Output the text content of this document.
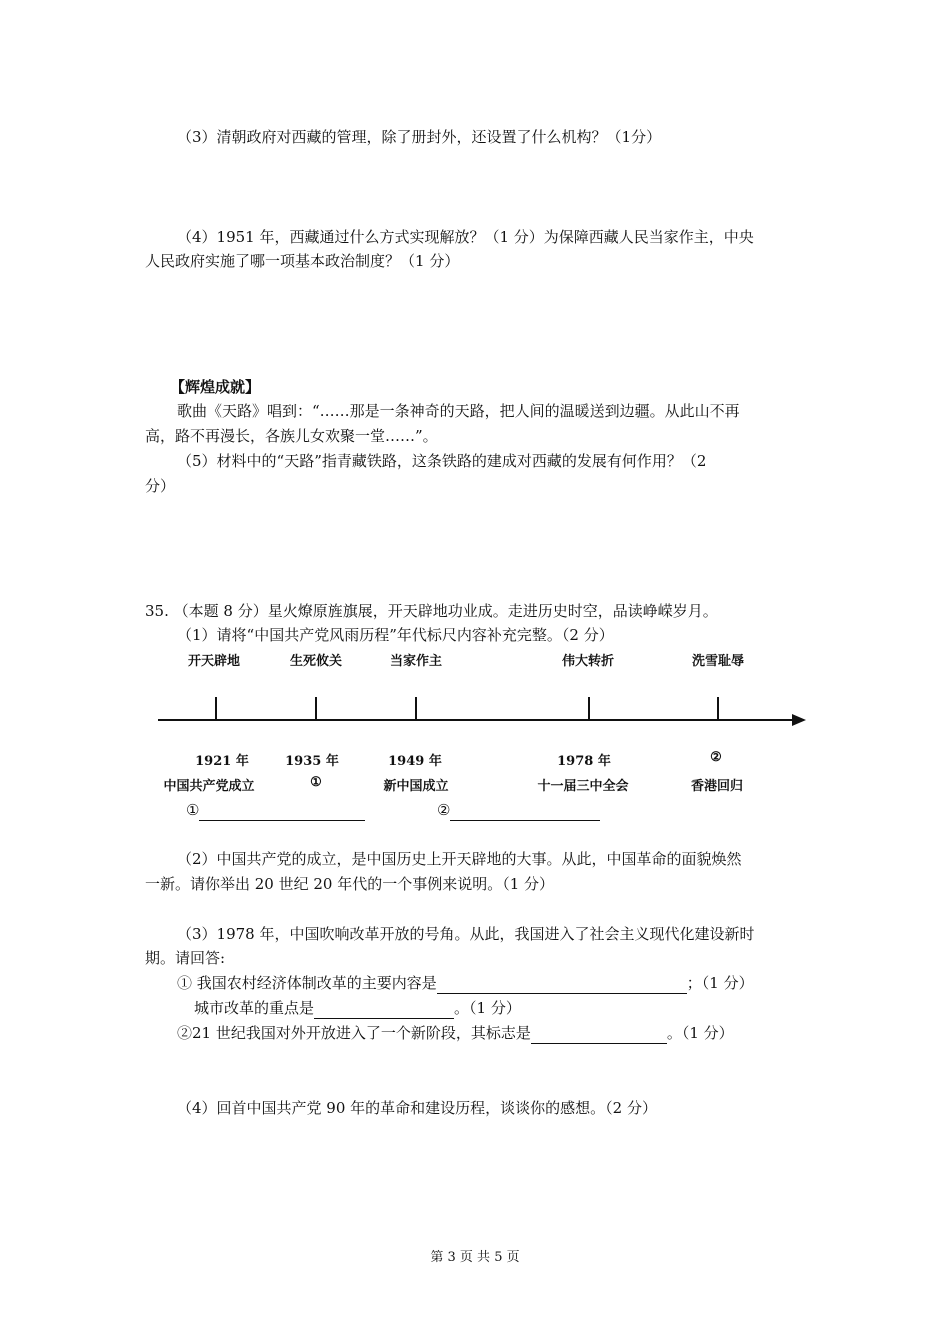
（3）清朝政府对西藏的管理，除了册封外，还设置了什么机构？（1分）
（4）1951 年，西藏通过什么方式实现解放？（1 分）为保障西藏人民当家作主，中央
人民政府实施了哪一项基本政治制度？（1 分）
【辉煌成就】
歌曲《天路》唱到：“……那是一条神奇的天路，把人间的温暖送到边疆。从此山不再
高，路不再漫长，各族儿女欢聚一堂……”。
（5）材料中的“天路”指青藏铁路，这条铁路的建成对西藏的发展有何作用？（2
分）
35. （本题 8 分）星火燎原旌旗展，开天辟地功业成。走进历史时空，品读峥嵘岁月。
（1）请将“中国共产党风雨历程”年代标尺内容补充完整。（2 分）
开天辟地	生死攸关	当家作主	伟大转折	洗雪耻辱
1921 年	1935 年	1949 年	1978 年	②
中国共产党成立	①	新中国成立	十一届三中全会	香港回归
①	②
（2）中国共产党的成立，是中国历史上开天辟地的大事。从此，中国革命的面貌焕然
一新。请你举出 20 世纪 20 年代的一个事例来说明。（1 分）
（3）1978 年，中国吹响改革开放的号角。从此，我国进入了社会主义现代化建设新时
期。请回答:
① 我国农村经济体制改革的主要内容是	；（1 分）
城市改革的重点是	。（1 分）
②21 世纪我国对外开放进入了一个新阶段，其标志是	。（1 分）
（4）回首中国共产党 90 年的革命和建设历程，谈谈你的感想。（2 分）
第 3 页 共 5 页
